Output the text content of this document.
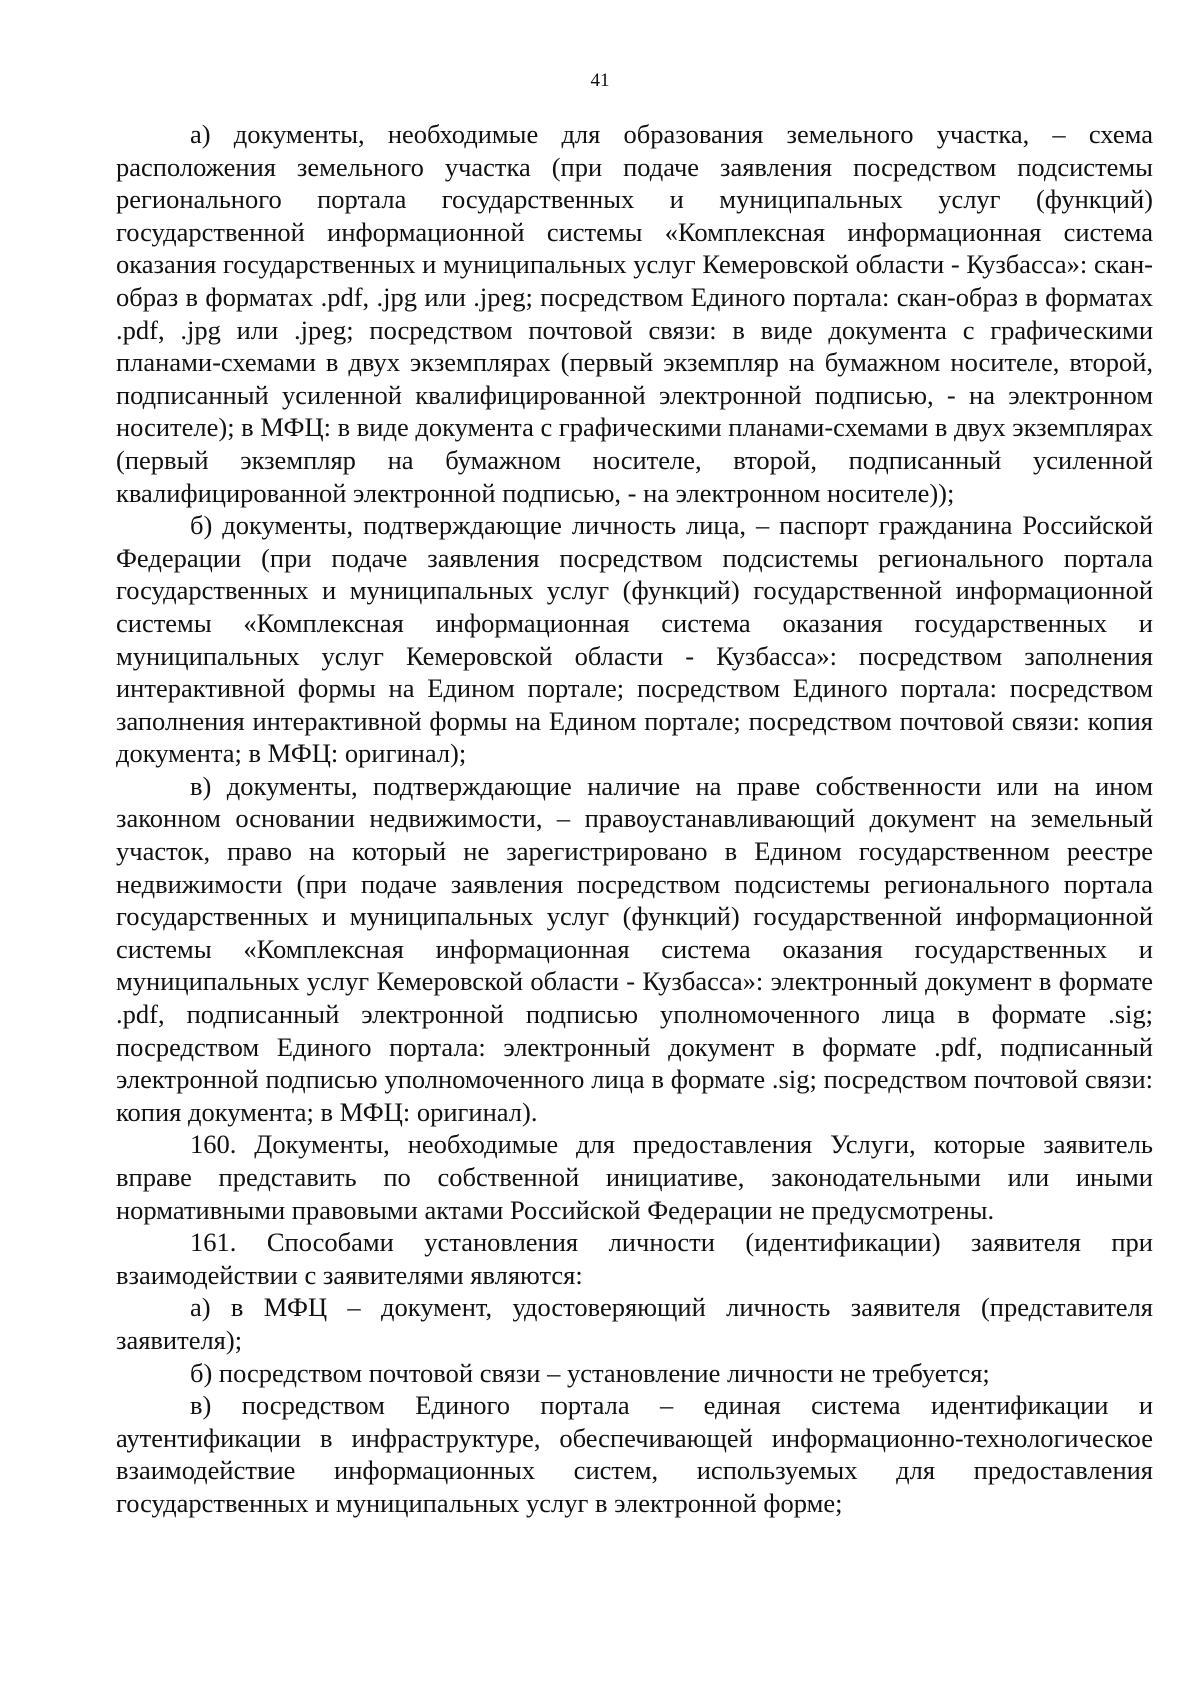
41

а) документы, необходимые для образования земельного участка, – схема расположения земельного участка (при подаче заявления посредством подсистемы регионального портала государственных и муниципальных услуг (функций) государственной информационной системы «Комплексная информационная система оказания государственных и муниципальных услуг Кемеровской области - Кузбасса»: скан-образ в форматах .pdf, .jpg или .jpeg; посредством Единого портала: скан-образ в форматах .pdf, .jpg или .jpeg; посредством почтовой связи: в виде документа с графическими планами-схемами в двух экземплярах (первый экземпляр на бумажном носителе, второй, подписанный усиленной квалифицированной электронной подписью, - на электронном носителе); в МФЦ: в виде документа с графическими планами-схемами в двух экземплярах (первый экземпляр на бумажном носителе, второй, подписанный усиленной квалифицированной электронной подписью, - на электронном носителе));

б) документы, подтверждающие личность лица, – паспорт гражданина Российской Федерации (при подаче заявления посредством подсистемы регионального портала государственных и муниципальных услуг (функций) государственной информационной системы «Комплексная информационная система оказания государственных и муниципальных услуг Кемеровской области - Кузбасса»: посредством заполнения интерактивной формы на Едином портале; посредством Единого портала: посредством заполнения интерактивной формы на Едином портале; посредством почтовой связи: копия документа; в МФЦ: оригинал);

в) документы, подтверждающие наличие на праве собственности или на ином законном основании недвижимости, – правоустанавливающий документ на земельный участок, право на который не зарегистрировано в Едином государственном реестре недвижимости (при подаче заявления посредством подсистемы регионального портала государственных и муниципальных услуг (функций) государственной информационной системы «Комплексная информационная система оказания государственных и муниципальных услуг Кемеровской области - Кузбасса»: электронный документ в формате .pdf, подписанный электронной подписью уполномоченного лица в формате .sig; посредством Единого портала: электронный документ в формате .pdf, подписанный электронной подписью уполномоченного лица в формате .sig; посредством почтовой связи: копия документа; в МФЦ: оригинал).

160. Документы, необходимые для предоставления Услуги, которые заявитель вправе представить по собственной инициативе, законодательными или иными нормативными правовыми актами Российской Федерации не предусмотрены.

161. Способами установления личности (идентификации) заявителя при взаимодействии с заявителями являются:

а) в МФЦ – документ, удостоверяющий личность заявителя (представителя заявителя);

б) посредством почтовой связи – установление личности не требуется;

в) посредством Единого портала – единая система идентификации и аутентификации в инфраструктуре, обеспечивающей информационно-технологическое взаимодействие информационных систем, используемых для предоставления государственных и муниципальных услуг в электронной форме;
